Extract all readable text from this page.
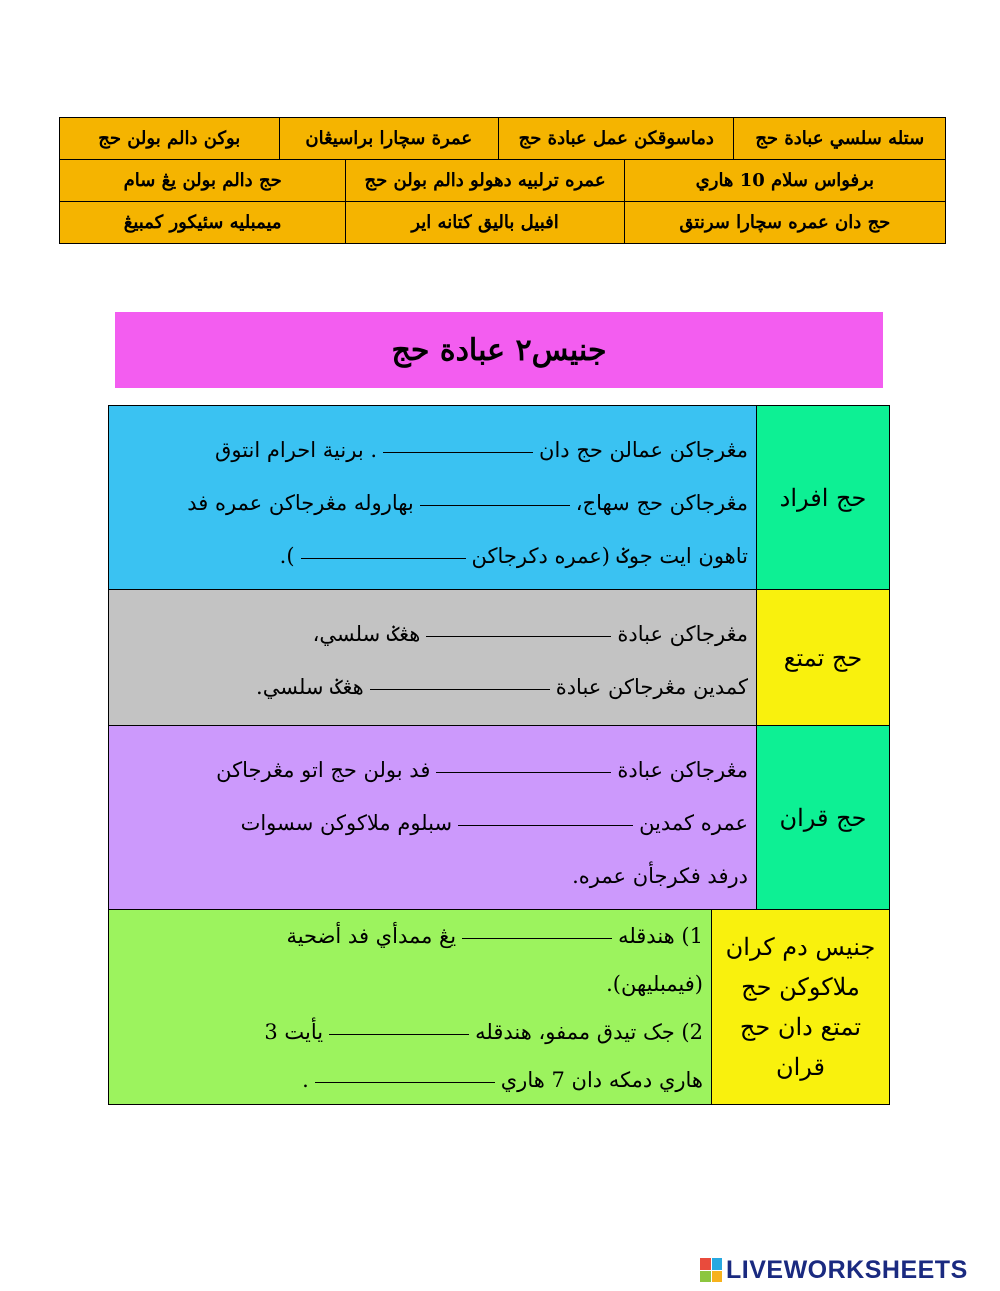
ستله سلسي عبادة حج
دماسوقكن عمل عبادة حج
عمرة سچارا براسيڠان
بوکن دالم بولن حج
برفواس سلام 10 هاري
عمره ترلبيه دهولو دالم بولن حج
حج دالم بولن يڠ سام
حج دان عمره سچارا سرنتق
افبيل باليق کتانه اير
ميمبليه سئيکور کمبيڠ
جنيس٢ عبادة حج
مڠرجاکن عمالن حج دان. برنية احرام انتوق
مڠرجاکن حج سهاج،بهاروله مڠرجاکن عمره فد
تاهون ايت جوݢ (عمره دکرجاکن).
حج افراد
مڠرجاکن عبادةهڠݢ سلسي،
کمدين مڠرجاکن عبادةهڠݢ سلسي.
حج تمتع
مڠرجاکن عبادةفد بولن حج اتو مڠرجاکن
عمره کمدينسبلوم ملاکوکن سسوات
درفد فکرجأن عمره.
حج قران
1) هندقلهيڠ ممدأي فد أضحية
(فيمبليهن).
2) جک تيدق ممفو، هندقلهيأيت 3
هاري دمکه دان 7 هاري.
جنيس دم کران ملاکوکن حج تمتع دان حج قران
LIVEWORKSHEETS
